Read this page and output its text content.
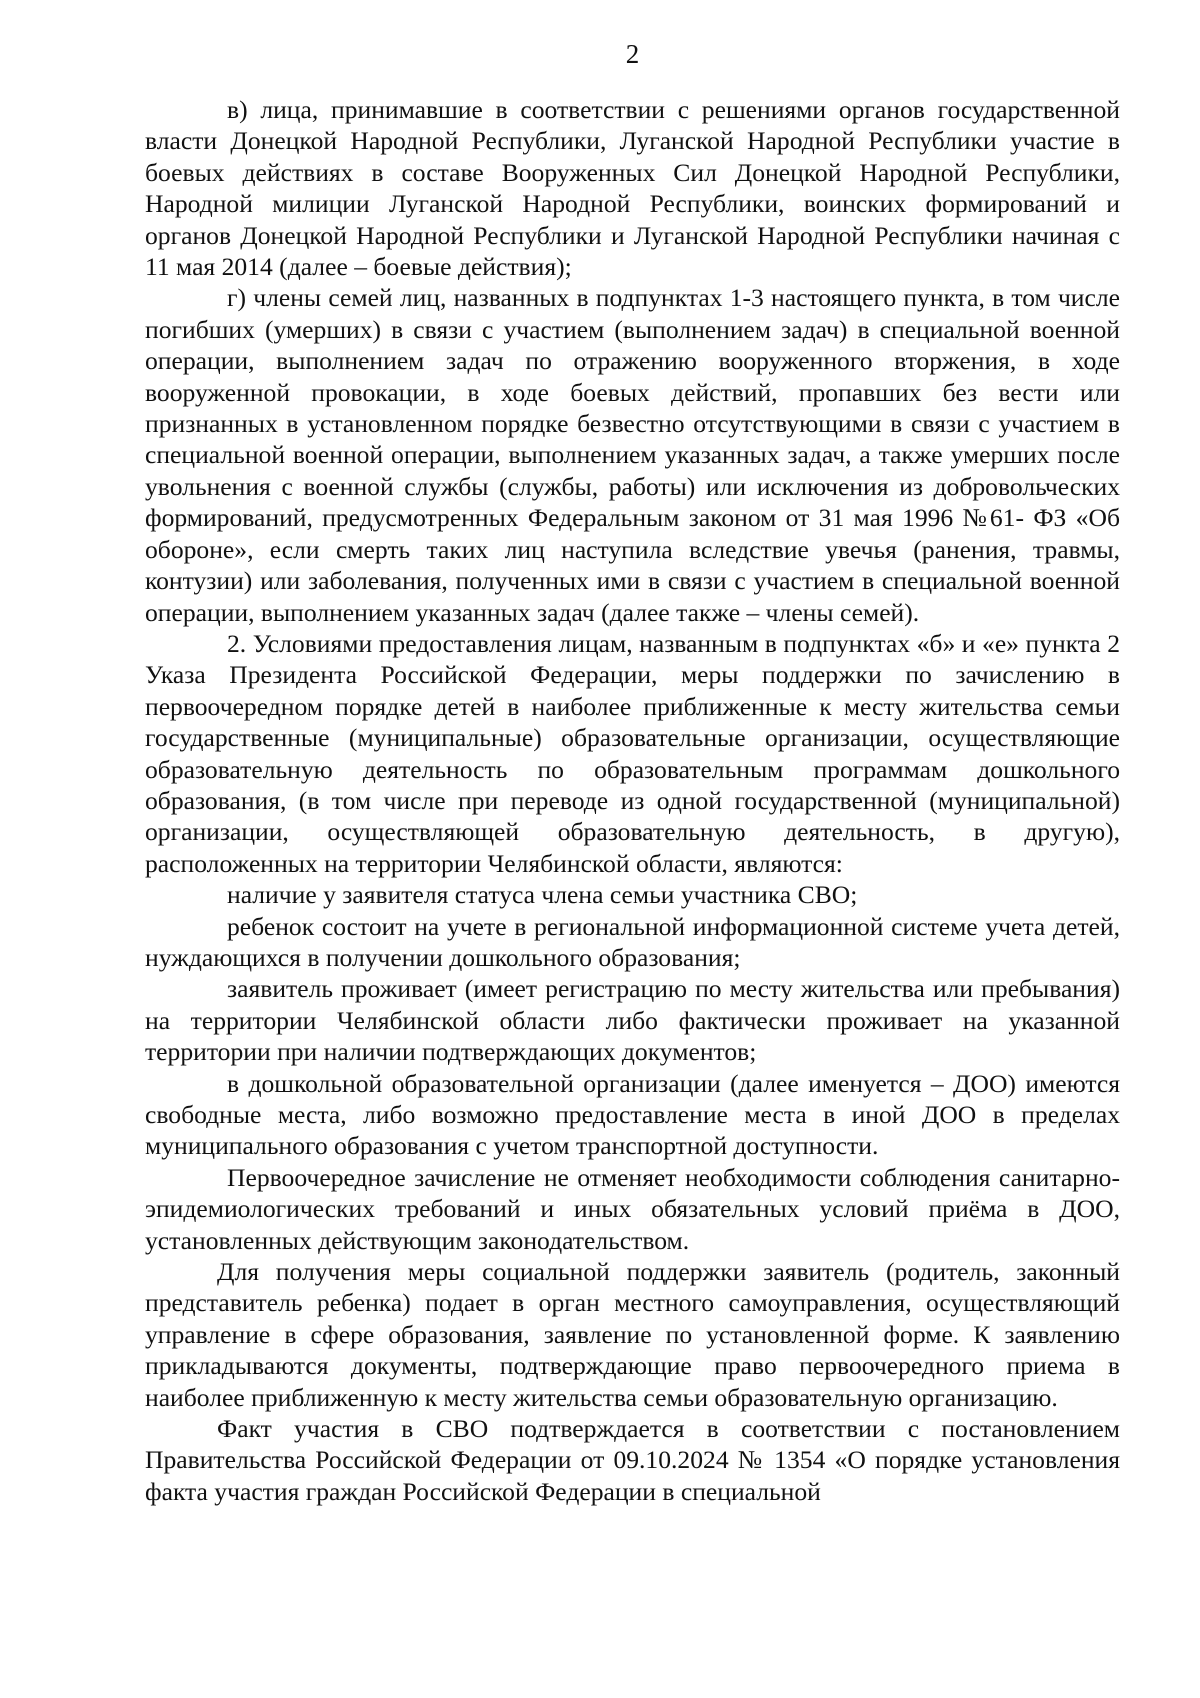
2

в) лица, принимавшие в соответствии с решениями органов государственной власти Донецкой Народной Республики, Луганской Народной Республики участие в боевых действиях в составе Вооруженных Сил Донецкой Народной Республики, Народной милиции Луганской Народной Республики, воинских формирований и органов Донецкой Народной Республики и Луганской Народной Республики начиная с 11 мая 2014 (далее – боевые действия);

г) члены семей лиц, названных в подпунктах 1-3 настоящего пункта, в том числе погибших (умерших) в связи с участием (выполнением задач) в специальной военной операции, выполнением задач по отражению вооруженного вторжения, в ходе вооруженной провокации, в ходе боевых действий, пропавших без вести или признанных в установленном порядке безвестно отсутствующими в связи с участием в специальной военной операции, выполнением указанных задач, а также умерших после увольнения с военной службы (службы, работы) или исключения из добровольческих формирований, предусмотренных Федеральным законом от 31 мая 1996 №61- ФЗ «Об обороне», если смерть таких лиц наступила вследствие увечья (ранения, травмы, контузии) или заболевания, полученных ими в связи с участием в специальной военной операции, выполнением указанных задач (далее также – члены семей).

2. Условиями предоставления лицам, названным в подпунктах «б» и «е» пункта 2 Указа Президента Российской Федерации, меры поддержки по зачислению в первоочередном порядке детей в наиболее приближенные к месту жительства семьи государственные (муниципальные) образовательные организации, осуществляющие образовательную деятельность по образовательным программам дошкольного образования, (в том числе при переводе из одной государственной (муниципальной) организации, осуществляющей образовательную деятельность, в другую), расположенных на территории Челябинской области, являются:

наличие у заявителя статуса члена семьи участника СВО;

ребенок состоит на учете в региональной информационной системе учета детей, нуждающихся в получении дошкольного образования;

заявитель проживает (имеет регистрацию по месту жительства или пребывания) на территории Челябинской области либо фактически проживает на указанной территории при наличии подтверждающих документов;

в дошкольной образовательной организации (далее именуется – ДОО) имеются свободные места, либо возможно предоставление места в иной ДОО в пределах муниципального образования с учетом транспортной доступности.

Первоочередное зачисление не отменяет необходимости соблюдения санитарно-эпидемиологических требований и иных обязательных условий приёма в ДОО, установленных действующим законодательством.

Для получения меры социальной поддержки заявитель (родитель, законный представитель ребенка) подает в орган местного самоуправления, осуществляющий управление в сфере образования, заявление по установленной форме. К заявлению прикладываются документы, подтверждающие право первоочередного приема в наиболее приближенную к месту жительства семьи образовательную организацию.

Факт участия в СВО подтверждается в соответствии с постановлением Правительства Российской Федерации от 09.10.2024 № 1354 «О порядке установления факта участия граждан Российской Федерации в специальной
